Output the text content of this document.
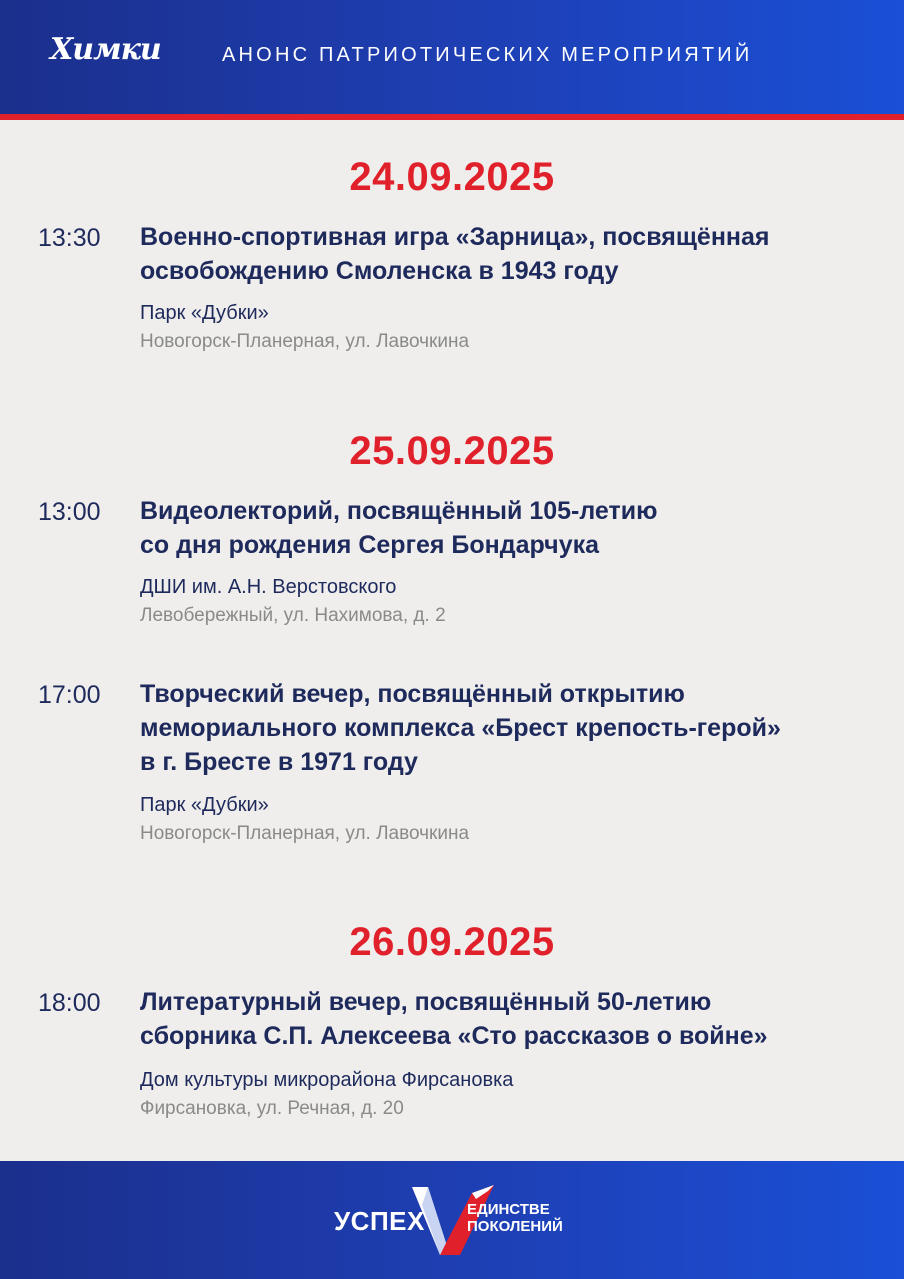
Химки	АНОНС ПАТРИОТИЧЕСКИХ МЕРОПРИЯТИЙ
24.09.2025
13:30 Военно-спортивная игра «Зарница», посвящённая
освобождению Смоленска в 1943 году
Парк «Дубки»
Новогорск-Планерная, ул. Лавочкина
25.09.2025
13:00 Видеолекторий, посвящённый 105-летию
со дня рождения Сергея Бондарчука
ДШИ им. А.Н. Верстовского
Левобережный, ул. Нахимова, д. 2
17:00 Творческий вечер, посвящённый открытию
мемориального комплекса «Брест крепость-герой»
в г. Бресте в 1971 году
Парк «Дубки»
Новогорск-Планерная, ул. Лавочкина
26.09.2025
18:00 Литературный вечер, посвящённый 50-летию
сборника С.П. Алексеева «Сто рассказов о войне»
Дом культуры микрорайона Фирсановка
Фирсановка, ул. Речная, д. 20
УСПЕХ	ЕДИНСТВЕ
ПОКОЛЕНИЙ
